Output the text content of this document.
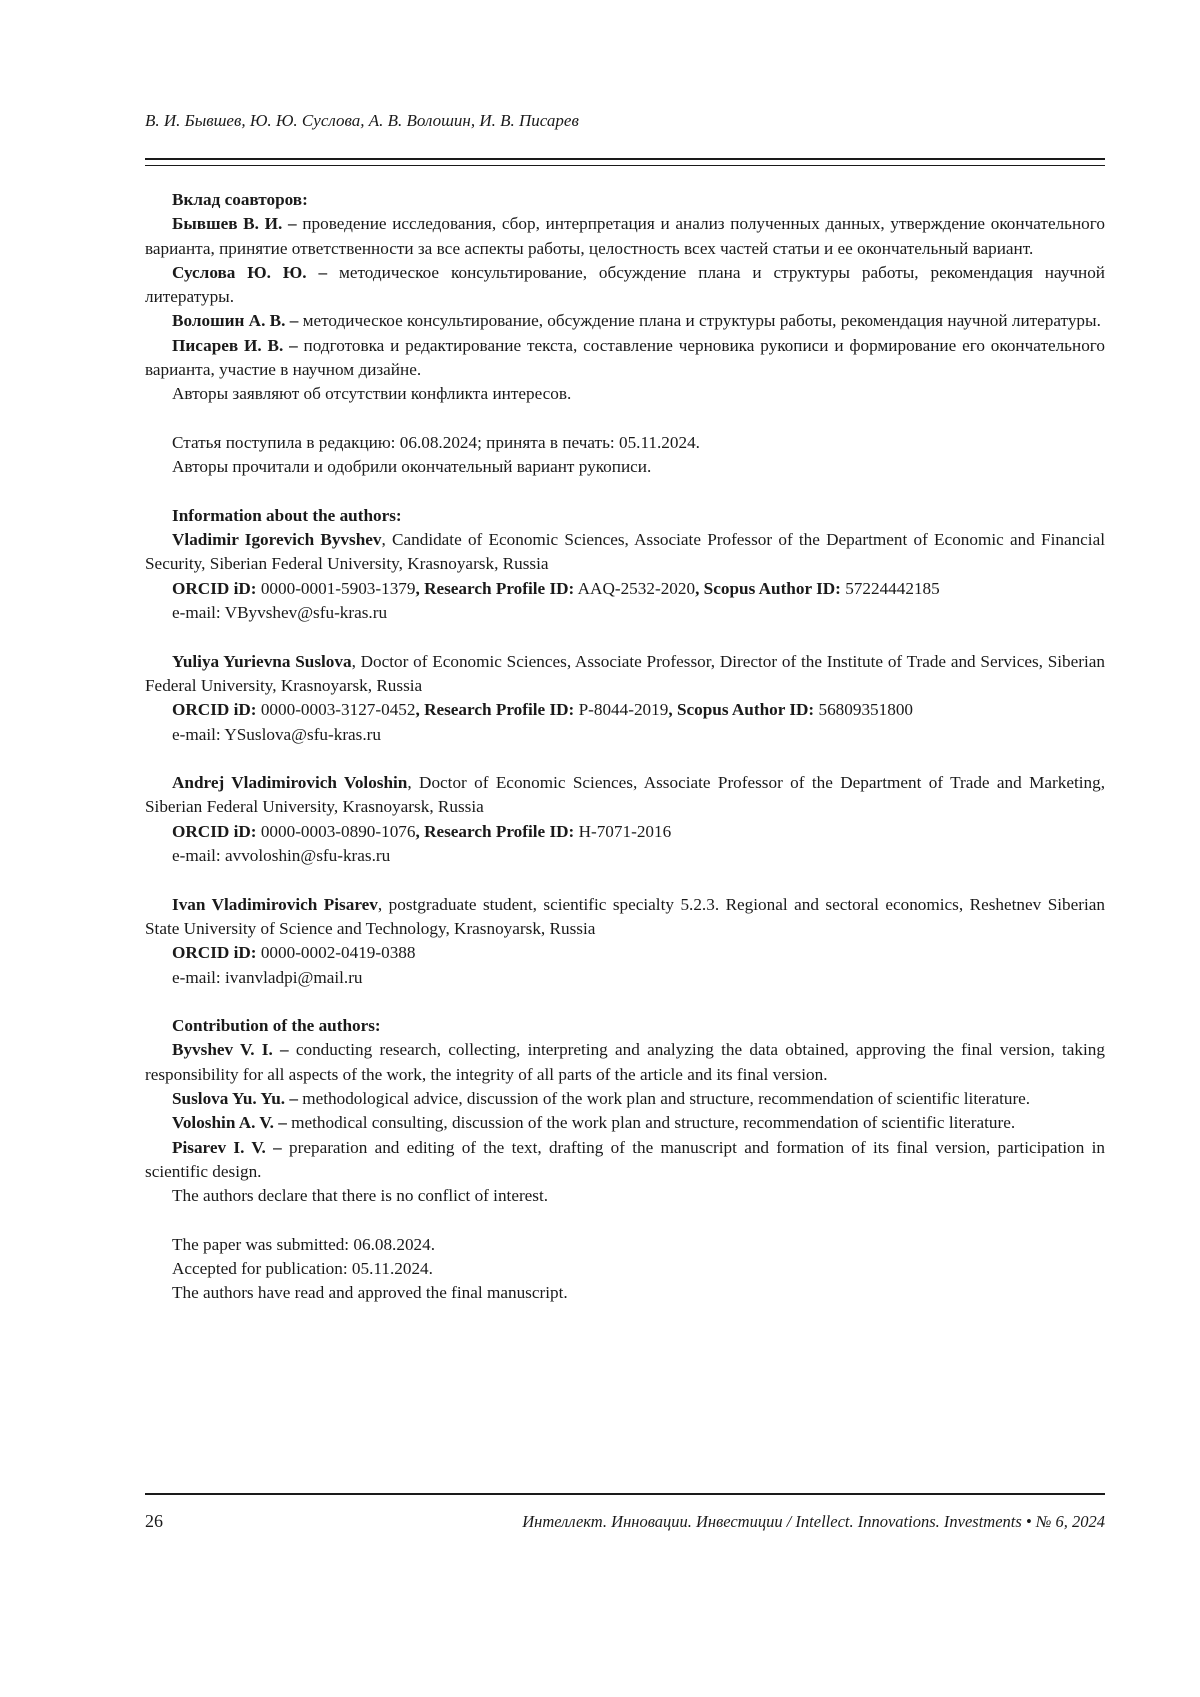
В. И. Бывшев, Ю. Ю. Суслова, А. В. Волошин, И. В. Писарев

Вклад соавторов:

Бывшев В. И. – проведение исследования, сбор, интерпретация и анализ полученных данных, утверждение окончательного варианта, принятие ответственности за все аспекты работы, целостность всех частей статьи и ее окончательный вариант.

Суслова Ю. Ю. – методическое консультирование, обсуждение плана и структуры работы, рекомендация научной литературы.

Волошин А. В. – методическое консультирование, обсуждение плана и структуры работы, рекомендация научной литературы.

Писарев И. В. – подготовка и редактирование текста, составление черновика рукописи и формирование его окончательного варианта, участие в научном дизайне.

Авторы заявляют об отсутствии конфликта интересов.

Статья поступила в редакцию: 06.08.2024; принята в печать: 05.11.2024.

Авторы прочитали и одобрили окончательный вариант рукописи.

Information about the authors:

Vladimir Igorevich Byvshev, Candidate of Economic Sciences, Associate Professor of the Department of Economic and Financial Security, Siberian Federal University, Krasnoyarsk, Russia

ORCID iD: 0000-0001-5903-1379, Research Profile ID: AAQ-2532-2020, Scopus Author ID: 57224442185

e-mail: VByvshev@sfu-kras.ru

Yuliya Yurievna Suslova, Doctor of Economic Sciences, Associate Professor, Director of the Institute of Trade and Services, Siberian Federal University, Krasnoyarsk, Russia

ORCID iD: 0000-0003-3127-0452, Research Profile ID: P-8044-2019, Scopus Author ID: 56809351800

e-mail: YSuslova@sfu-kras.ru

Andrej Vladimirovich Voloshin, Doctor of Economic Sciences, Associate Professor of the Department of Trade and Marketing, Siberian Federal University, Krasnoyarsk, Russia

ORCID iD: 0000-0003-0890-1076, Research Profile ID: H-7071-2016

e-mail: avvoloshin@sfu-kras.ru

Ivan Vladimirovich Pisarev, postgraduate student, scientific specialty 5.2.3. Regional and sectoral economics, Reshetnev Siberian State University of Science and Technology, Krasnoyarsk, Russia

ORCID iD: 0000-0002-0419-0388

e-mail: ivanvladpi@mail.ru

Contribution of the authors:

Byvshev V. I. – conducting research, collecting, interpreting and analyzing the data obtained, approving the final version, taking responsibility for all aspects of the work, the integrity of all parts of the article and its final version.

Suslova Yu. Yu. – methodological advice, discussion of the work plan and structure, recommendation of scientific literature.

Voloshin A. V. – methodical consulting, discussion of the work plan and structure, recommendation of scientific literature.

Pisarev I. V. – preparation and editing of the text, drafting of the manuscript and formation of its final version, participation in scientific design.

The authors declare that there is no conflict of interest.

The paper was submitted: 06.08.2024.

Accepted for publication: 05.11.2024.

The authors have read and approved the final manuscript.

26	Интеллект. Инновации. Инвестиции / Intellect. Innovations. Investments • № 6, 2024
